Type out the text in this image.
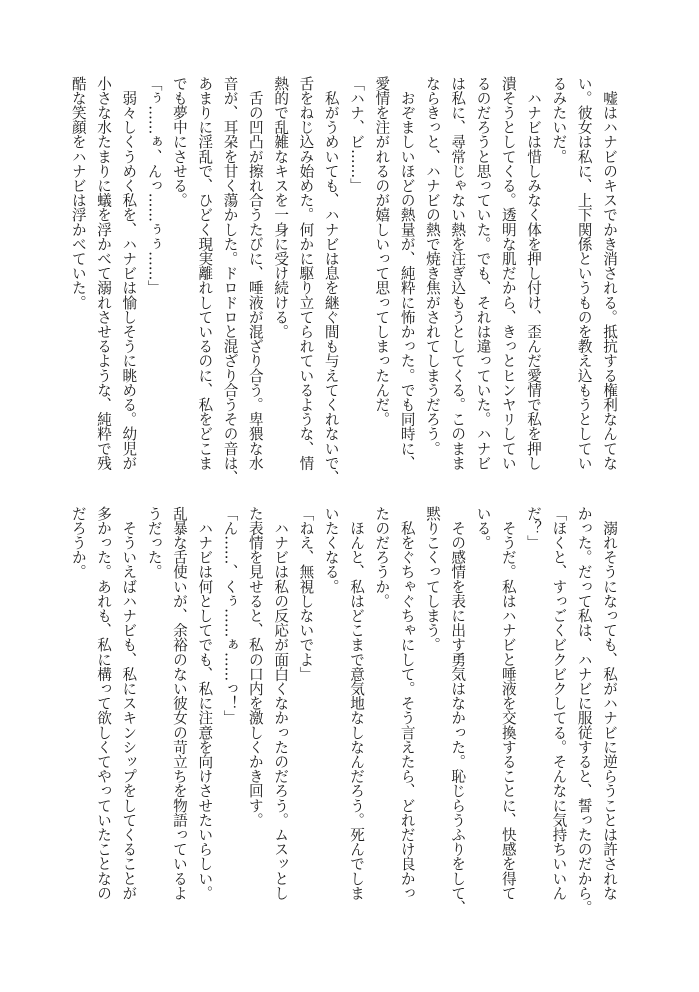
　嘘はハナビのキスでかき消される。抵抗する権利なんてな
い。彼女は私に、上下関係というものを教え込もうとしてい
るみたいだ。
　ハナビは惜しみなく体を押し付け、歪んだ愛情で私を押し
潰そうとしてくる。透明な肌だから、きっとヒンヤリしてい
るのだろうと思っていた。でも、それは違っていた。ハナビ
は私に、尋常じゃない熱を注ぎ込もうとしてくる。このまま
ならきっと、ハナビの熱で焼き焦がされてしまうだろう。
　おぞましいほどの熱量が、純粋に怖かった。でも同時に、
愛情を注がれるのが嬉しいって思ってしまったんだ。
「ハナ、ビ……」
　私がうめいても、ハナビは息を継ぐ間も与えてくれないで、
舌をねじ込み始めた。何かに駆り立てられているような、情
熱的で乱雑なキスを一身に受け続ける。
　舌の凹凸が擦れ合うたびに、唾液が混ざり合う。卑猥な水
音が、耳朶を甘く蕩かした。ドロドロと混ざり合うその音は、
あまりに淫乱で、ひどく現実離れしているのに、私をどこま
でも夢中にさせる。
「ぅ……ぁ、んっ……ぅぅ……」
　弱々しくうめく私を、ハナビは愉しそうに眺める。幼児が
小さな水たまりに蟻を浮かべて溺れさせるような、純粋で残
酷な笑顔をハナビは浮かべていた。
　溺れそうになっても、私がハナビに逆らうことは許されな
かった。だって私は、ハナビに服従すると、誓ったのだから。
「ほくと、すっごくビクビクしてる。そんなに気持ちいいん
だ？」
　そうだ。私はハナビと唾液を交換することに、快感を得て
いる。
　その感情を表に出す勇気はなかった。恥じらうふりをして、
黙りこくってしまう。
　私をぐちゃぐちゃにして。そう言えたら、どれだけ良かっ
たのだろうか。
　ほんと、私はどこまで意気地なしなんだろう。死んでしま
いたくなる。
「ねえ、無視しないでよ」
　ハナビは私の反応が面白くなかったのだろう。ムスッとし
た表情を見せると、私の口内を激しくかき回す。
「ん……、くぅ……ぁ……っ！」
　ハナビは何としてでも、私に注意を向けさせたいらしい。
乱暴な舌使いが、余裕のない彼女の苛立ちを物語っているよ
うだった。
　そういえばハナビも、私にスキンシップをしてくることが
多かった。あれも、私に構って欲しくてやっていたことなの
だろうか。
